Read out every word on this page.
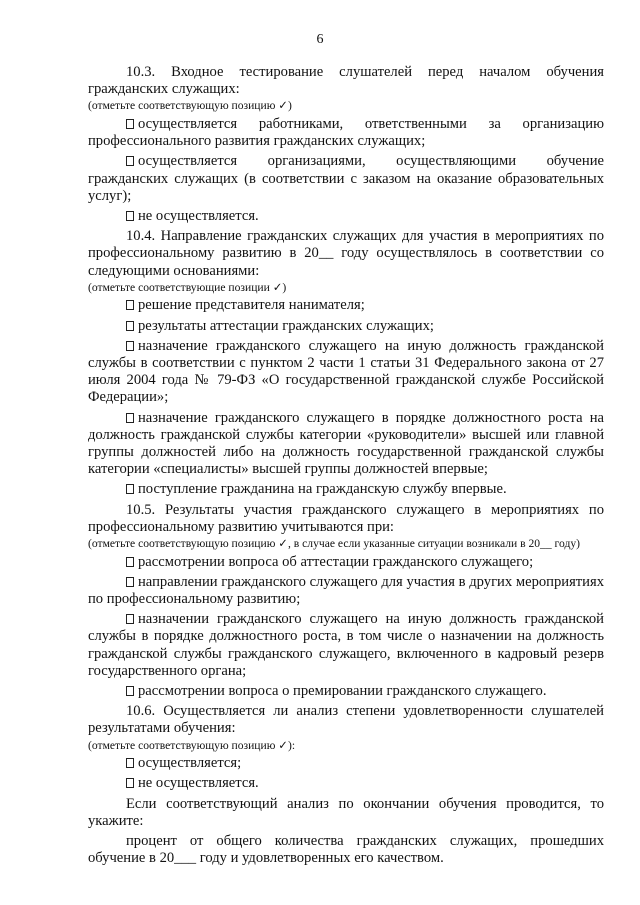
6

10.3. Входное тестирование слушателей перед началом обучения гражданских служащих:

(отметьте соответствующую позицию ✓)

осуществляется работниками, ответственными за организацию профессионального развития гражданских служащих;

осуществляется организациями, осуществляющими обучение гражданских служащих (в соответствии с заказом на оказание образовательных услуг);

не осуществляется.

10.4. Направление гражданских служащих для участия в мероприятиях по профессиональному развитию в 20__ году осуществлялось в соответствии со следующими основаниями:

(отметьте соответствующие позиции ✓)

решение представителя нанимателя;

результаты аттестации гражданских служащих;

назначение гражданского служащего на иную должность гражданской службы в соответствии с пунктом 2 части 1 статьи 31 Федерального закона от 27 июля 2004 года № 79-ФЗ «О государственной гражданской службе Российской Федерации»;

назначение гражданского служащего в порядке должностного роста на должность гражданской службы категории «руководители» высшей или главной группы должностей либо на должность государственной гражданской службы категории «специалисты» высшей группы должностей впервые;

поступление гражданина на гражданскую службу впервые.

10.5. Результаты участия гражданского служащего в мероприятиях по профессиональному развитию учитываются при:

(отметьте соответствующую позицию ✓, в случае если указанные ситуации возникали в 20__ году)

рассмотрении вопроса об аттестации гражданского служащего;

направлении гражданского служащего для участия в других мероприятиях по профессиональному развитию;

назначении гражданского служащего на иную должность гражданской службы в порядке должностного роста, в том числе о назначении на должность гражданской службы гражданского служащего, включенного в кадровый резерв государственного органа;

рассмотрении вопроса о премировании гражданского служащего.

10.6. Осуществляется ли анализ степени удовлетворенности слушателей результатами обучения:

(отметьте соответствующую позицию ✓):

осуществляется;

не осуществляется.

Если соответствующий анализ по окончании обучения проводится, то укажите:

процент от общего количества гражданских служащих, прошедших обучение в 20___ году и удовлетворенных его качеством.
